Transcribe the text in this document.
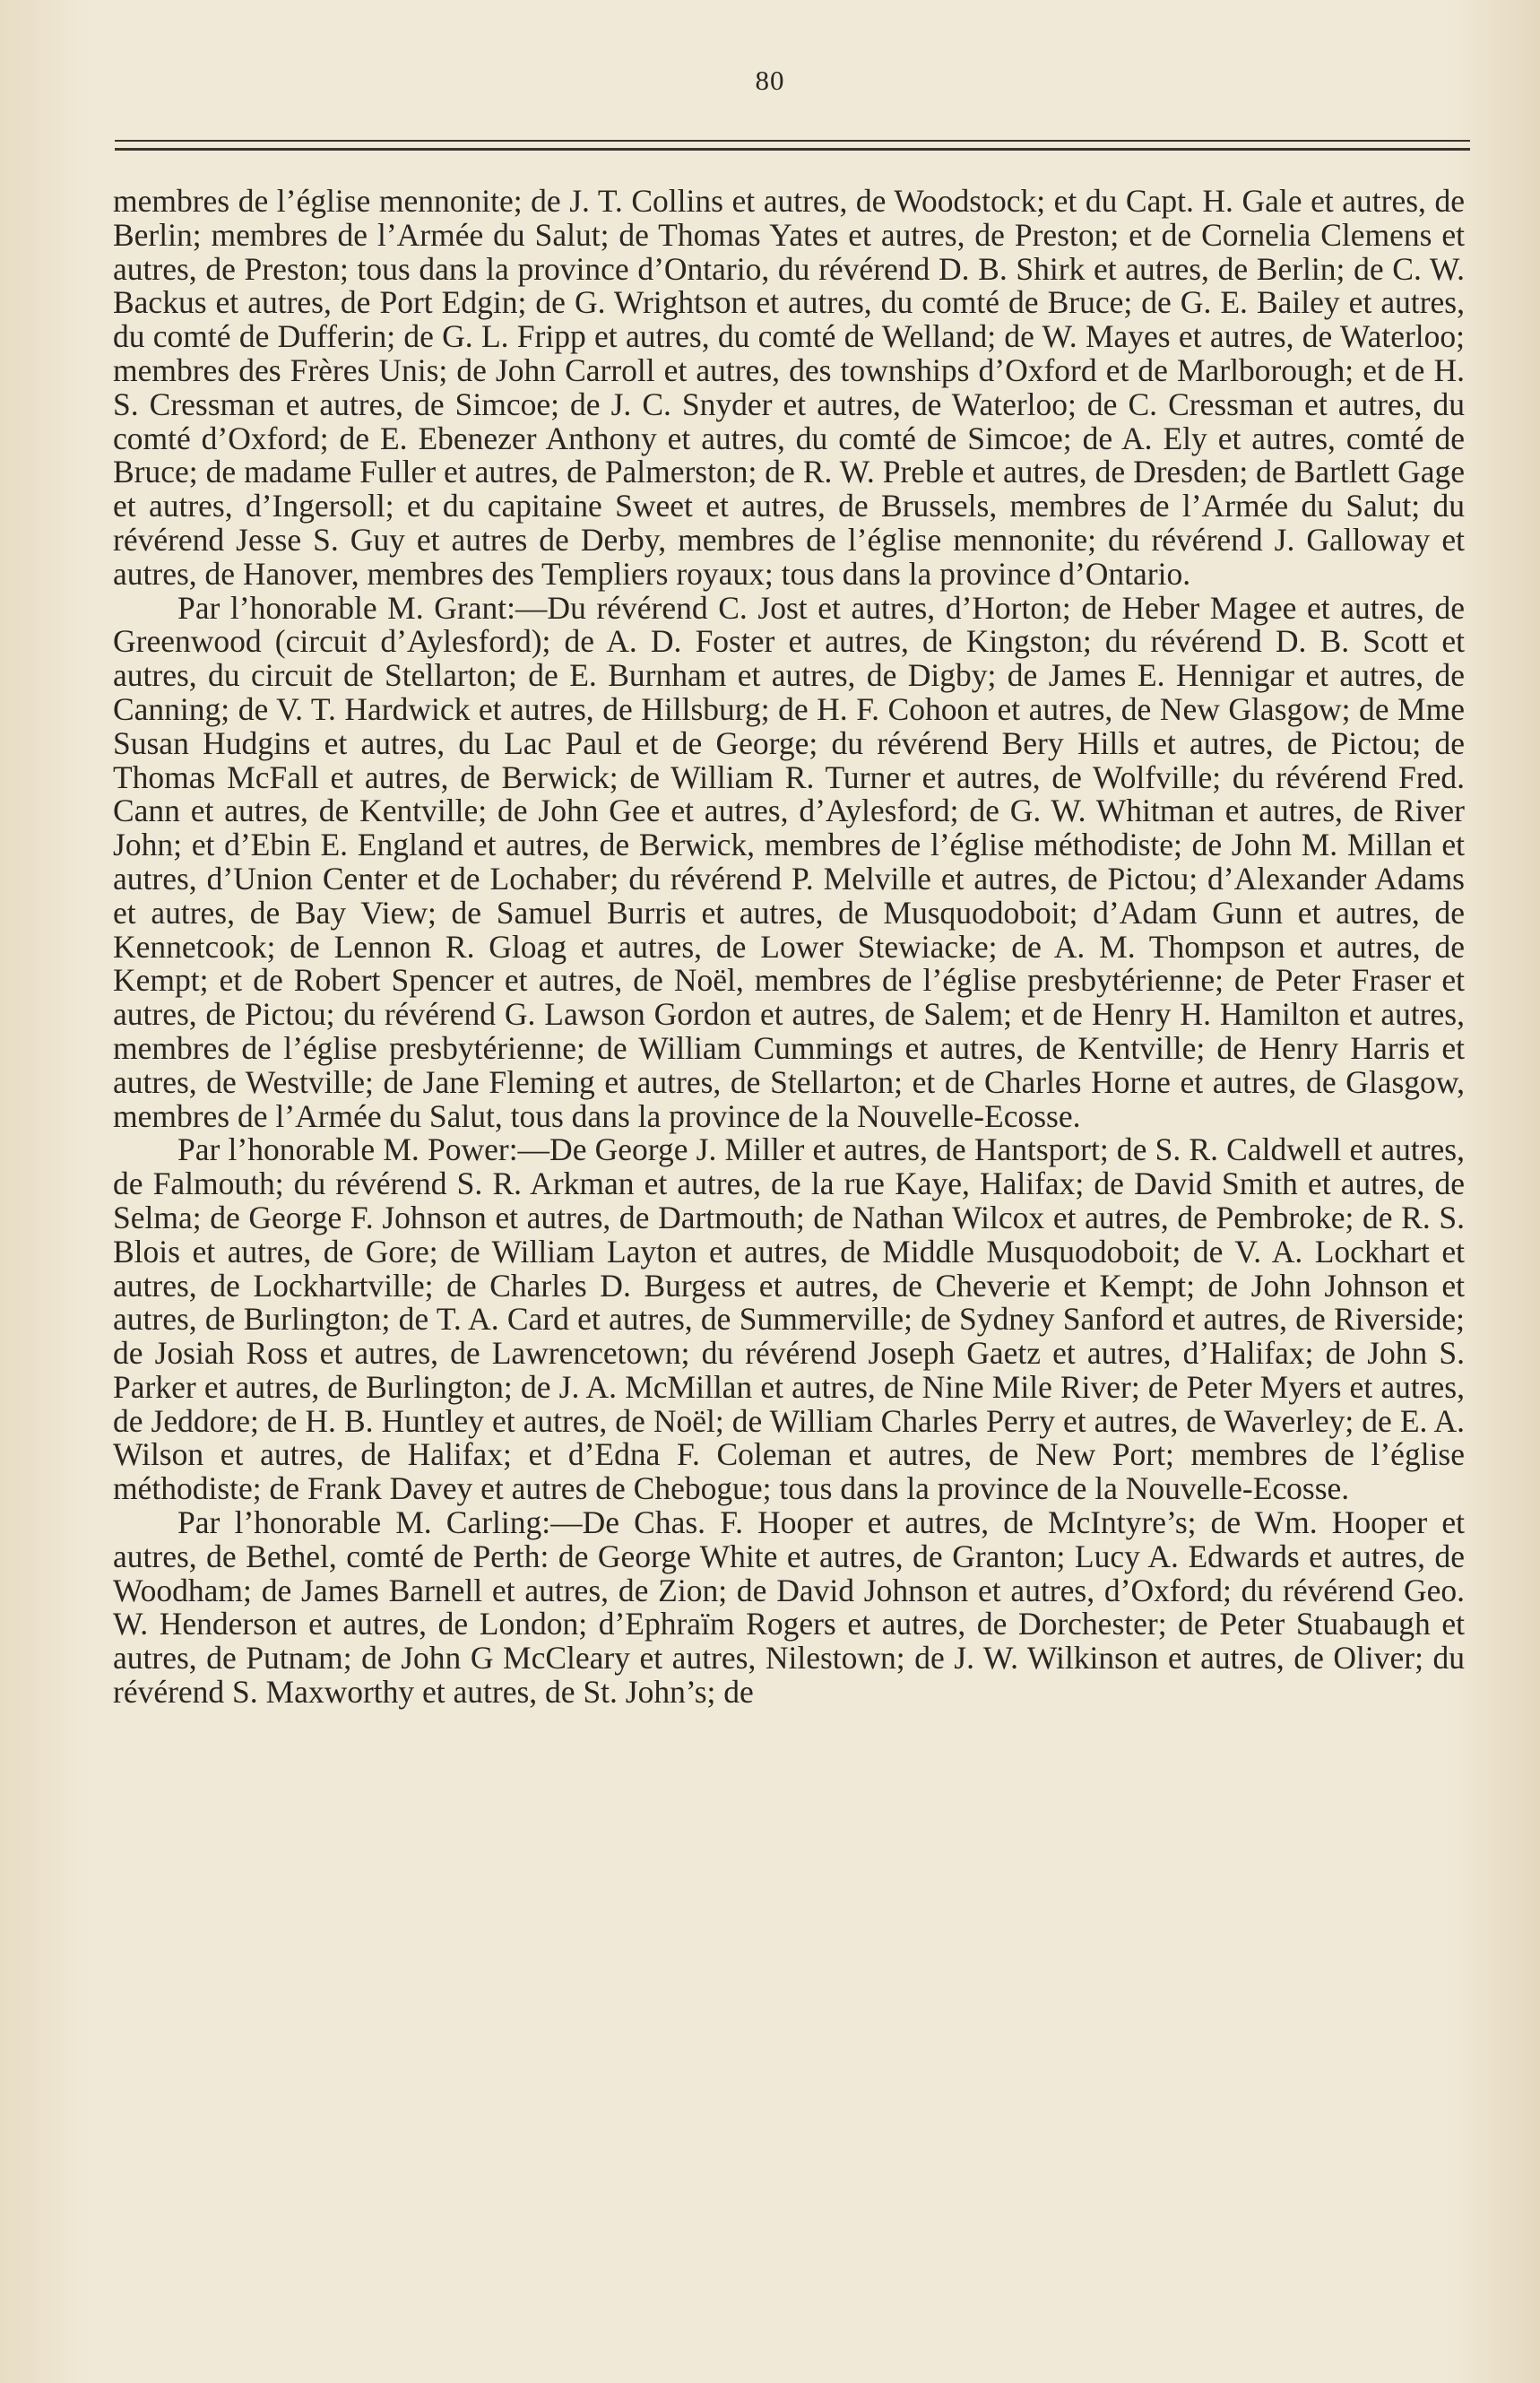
80

membres de l’église mennonite; de J. T. Collins et autres, de Woodstock; et du Capt. H. Gale et autres, de Berlin; membres de l’Armée du Salut; de Thomas Yates et autres, de Preston; et de Cornelia Clemens et autres, de Preston; tous dans la province d’Ontario, du révérend D. B. Shirk et autres, de Berlin; de C. W. Backus et autres, de Port Edgin; de G. Wrightson et autres, du comté de Bruce; de G. E. Bailey et autres, du comté de Dufferin; de G. L. Fripp et autres, du comté de Welland; de W. Mayes et autres, de Waterloo; membres des Frères Unis; de John Carroll et autres, des townships d’Oxford et de Marlborough; et de H. S. Cressman et autres, de Simcoe; de J. C. Snyder et autres, de Waterloo; de C. Cressman et autres, du comté d’Oxford; de E. Ebenezer Anthony et autres, du comté de Simcoe; de A. Ely et autres, comté de Bruce; de madame Fuller et autres, de Palmerston; de R. W. Preble et autres, de Dresden; de Bartlett Gage et autres, d’Ingersoll; et du capitaine Sweet et autres, de Brussels, membres de l’Armée du Salut; du révérend Jesse S. Guy et autres de Derby, membres de l’église mennonite; du révérend J. Galloway et autres, de Hanover, membres des Templiers royaux; tous dans la province d’Ontario.

Par l’honorable M. Grant:—Du révérend C. Jost et autres, d’Horton; de Heber Magee et autres, de Greenwood (circuit d’Aylesford); de A. D. Foster et autres, de Kingston; du révérend D. B. Scott et autres, du circuit de Stellarton; de E. Burnham et autres, de Digby; de James E. Hennigar et autres, de Canning; de V. T. Hardwick et autres, de Hillsburg; de H. F. Cohoon et autres, de New Glasgow; de Mme Susan Hudgins et autres, du Lac Paul et de George; du révérend Bery Hills et autres, de Pictou; de Thomas McFall et autres, de Berwick; de William R. Turner et autres, de Wolfville; du révérend Fred. Cann et autres, de Kentville; de John Gee et autres, d’Aylesford; de G. W. Whitman et autres, de River John; et d’Ebin E. England et autres, de Berwick, membres de l’église méthodiste; de John M. Millan et autres, d’Union Center et de Lochaber; du révérend P. Melville et autres, de Pictou; d’Alexander Adams et autres, de Bay View; de Samuel Burris et autres, de Musquodoboit; d’Adam Gunn et autres, de Kennetcook; de Lennon R. Gloag et autres, de Lower Stewiacke; de A. M. Thompson et autres, de Kempt; et de Robert Spencer et autres, de Noël, membres de l’église presbytérienne; de Peter Fraser et autres, de Pictou; du révérend G. Lawson Gordon et autres, de Salem; et de Henry H. Hamilton et autres, membres de l’église presbytérienne; de William Cummings et autres, de Kentville; de Henry Harris et autres, de Westville; de Jane Fleming et autres, de Stellarton; et de Charles Horne et autres, de Glasgow, membres de l’Armée du Salut, tous dans la province de la Nouvelle-Ecosse.

Par l’honorable M. Power:—De George J. Miller et autres, de Hantsport; de S. R. Caldwell et autres, de Falmouth; du révérend S. R. Arkman et autres, de la rue Kaye, Halifax; de David Smith et autres, de Selma; de George F. Johnson et autres, de Dartmouth; de Nathan Wilcox et autres, de Pembroke; de R. S. Blois et autres, de Gore; de William Layton et autres, de Middle Musquodoboit; de V. A. Lockhart et autres, de Lockhartville; de Charles D. Burgess et autres, de Cheverie et Kempt; de John Johnson et autres, de Burlington; de T. A. Card et autres, de Summerville; de Sydney Sanford et autres, de Riverside; de Josiah Ross et autres, de Lawrencetown; du révérend Joseph Gaetz et autres, d’Halifax; de John S. Parker et autres, de Burlington; de J. A. McMillan et autres, de Nine Mile River; de Peter Myers et autres, de Jeddore; de H. B. Huntley et autres, de Noël; de William Charles Perry et autres, de Waverley; de E. A. Wilson et autres, de Halifax; et d’Edna F. Coleman et autres, de New Port; membres de l’église méthodiste; de Frank Davey et autres de Chebogue; tous dans la province de la Nouvelle-Ecosse.

Par l’honorable M. Carling:—De Chas. F. Hooper et autres, de McIntyre’s; de Wm. Hooper et autres, de Bethel, comté de Perth: de George White et autres, de Granton; Lucy A. Edwards et autres, de Woodham; de James Barnell et autres, de Zion; de David Johnson et autres, d’Oxford; du révérend Geo. W. Henderson et autres, de London; d’Ephraïm Rogers et autres, de Dorchester; de Peter Stuabaugh et autres, de Putnam; de John G McCleary et autres, Nilestown; de J. W. Wilkinson et autres, de Oliver; du révérend S. Maxworthy et autres, de St. John’s; de
